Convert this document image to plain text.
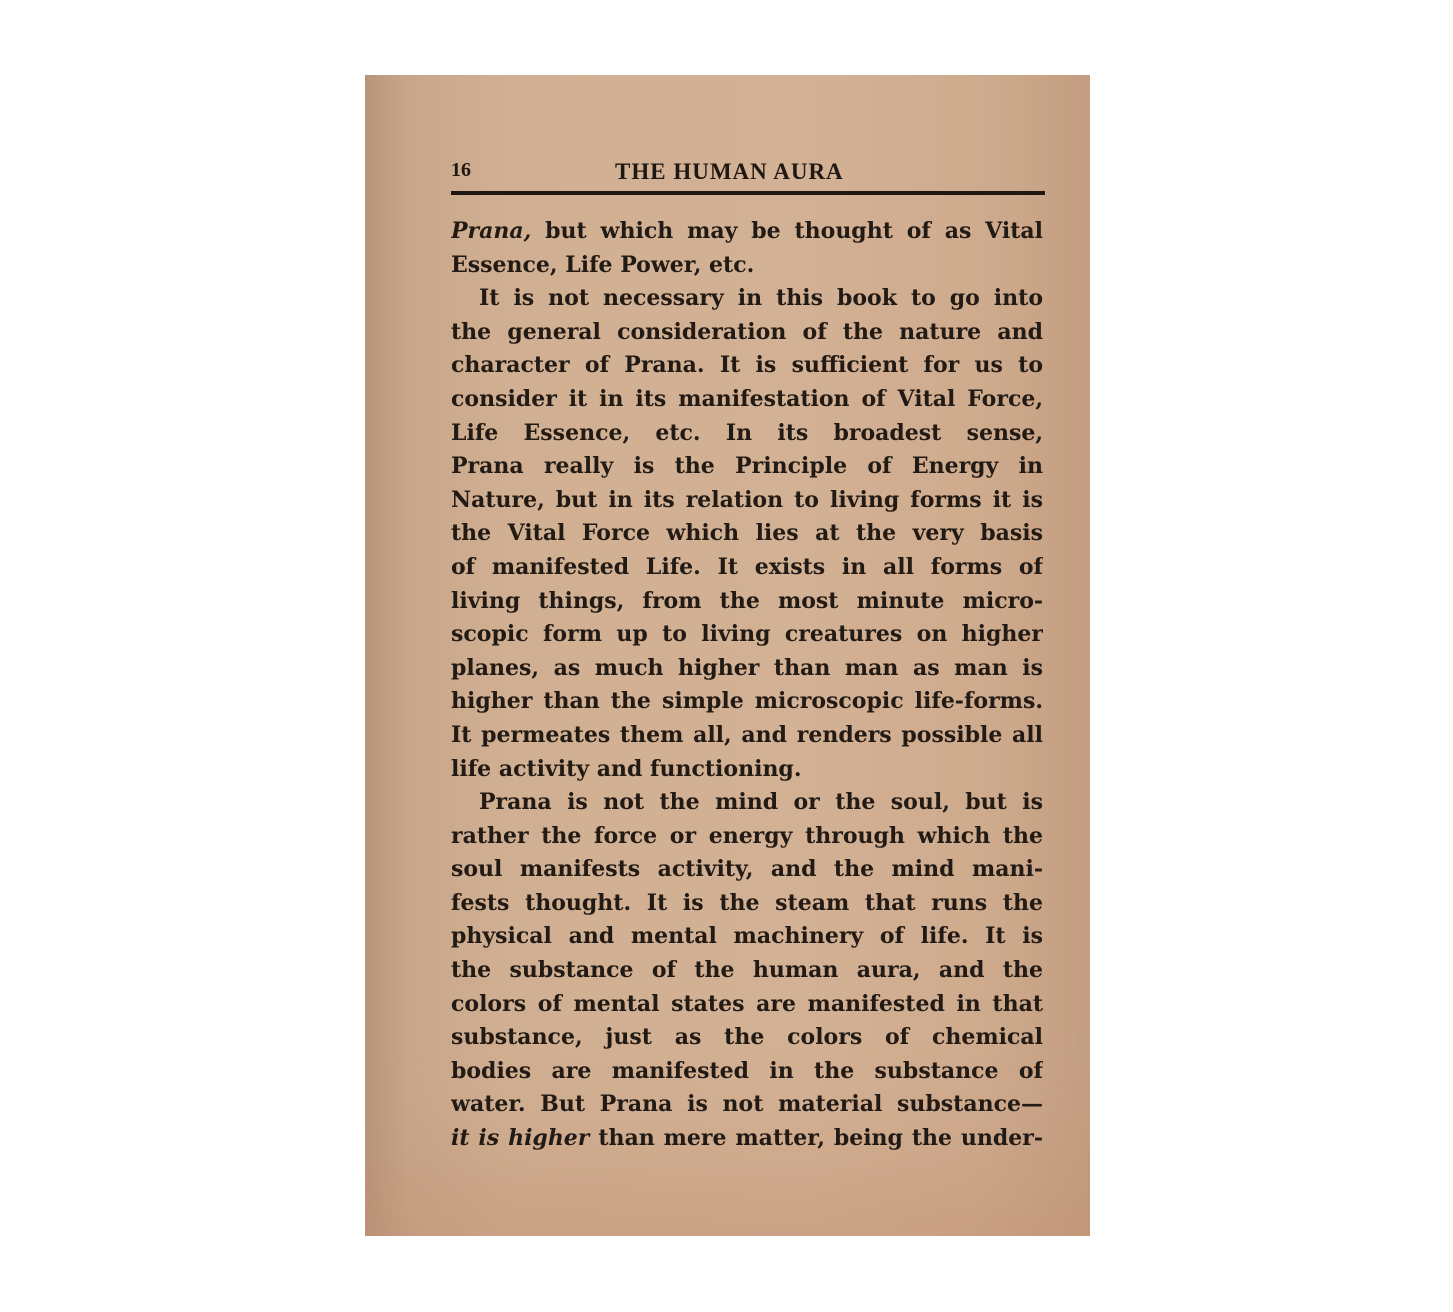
16	THE HUMAN AURA
Prana, but which may be thought of as Vital
Essence, Life Power, etc.
It is not necessary in this book to go into
the general consideration of the nature and
character of Prana. It is sufficient for us to
consider it in its manifestation of Vital Force,
Life Essence, etc. In its broadest sense,
Prana really is the Principle of Energy in
Nature, but in its relation to living forms it is
the Vital Force which lies at the very basis
of manifested Life. It exists in all forms of
living things, from the most minute micro-
scopic form up to living creatures on higher
planes, as much higher than man as man is
higher than the simple microscopic life-forms.
It permeates them all, and renders possible all
life activity and functioning.
Prana is not the mind or the soul, but is
rather the force or energy through which the
soul manifests activity, and the mind mani-
fests thought. It is the steam that runs the
physical and mental machinery of life. It is
the substance of the human aura, and the
colors of mental states are manifested in that
substance, just as the colors of chemical
bodies are manifested in the substance of
water. But Prana is not material substance—
it is higher than mere matter, being the under-
